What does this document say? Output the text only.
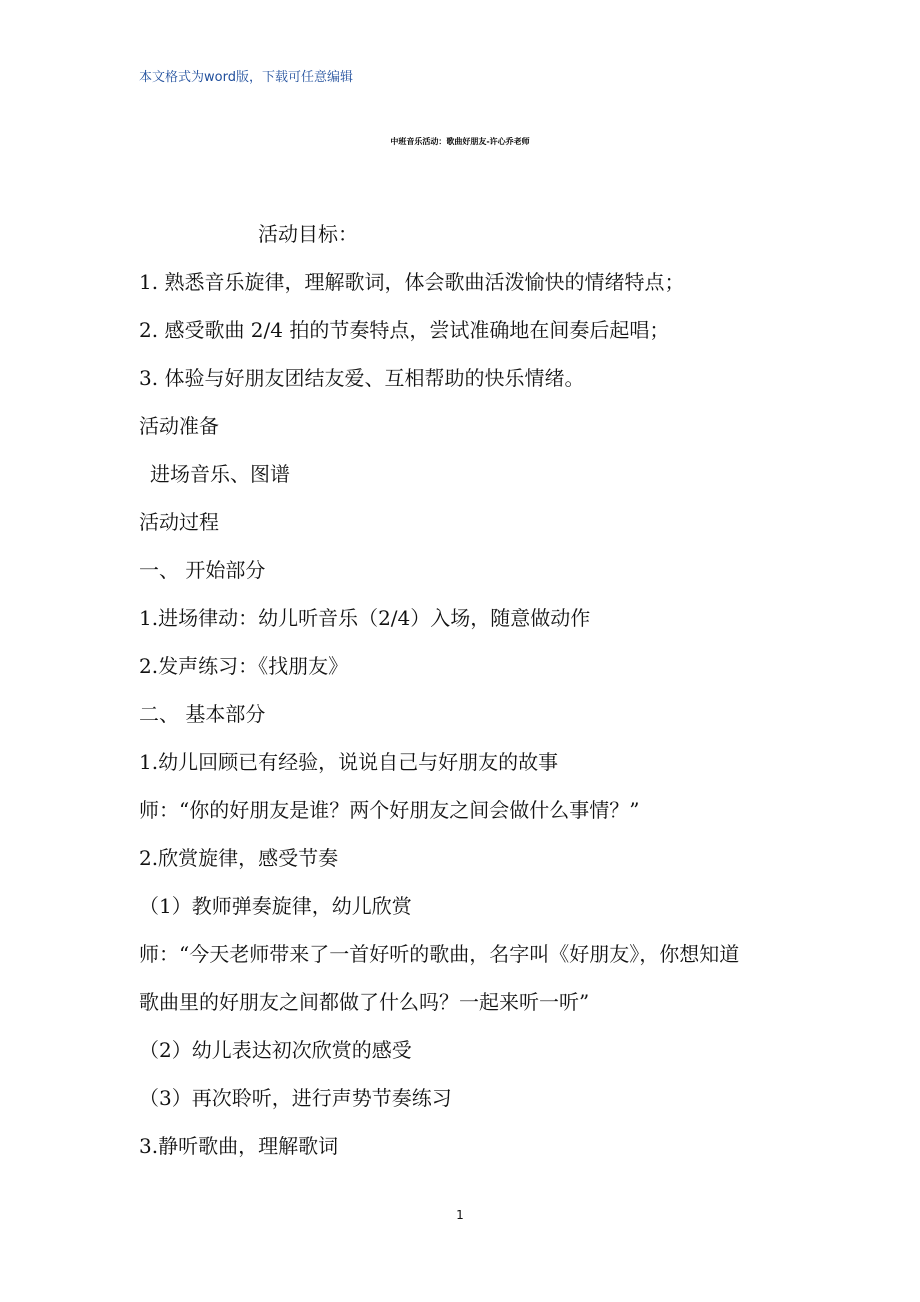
本文格式为word版，下载可任意编辑
中班音乐活动：歌曲好朋友-许心乔老师
活动目标：
1. 熟悉音乐旋律，理解歌词，体会歌曲活泼愉快的情绪特点；
2. 感受歌曲 2/4 拍的节奏特点，尝试准确地在间奏后起唱；
3. 体验与好朋友团结友爱、互相帮助的快乐情绪。
活动准备
进场音乐、图谱
活动过程
一、 开始部分
1.进场律动：幼儿听音乐（2/4）入场，随意做动作
2.发声练习：《找朋友》
二、 基本部分
1.幼儿回顾已有经验，说说自己与好朋友的故事
师：“你的好朋友是谁？两个好朋友之间会做什么事情？”
2.欣赏旋律，感受节奏
（1）教师弹奏旋律，幼儿欣赏
师：“今天老师带来了一首好听的歌曲，名字叫《好朋友》，你想知道
歌曲里的好朋友之间都做了什么吗？一起来听一听”
（2）幼儿表达初次欣赏的感受
（3）再次聆听，进行声势节奏练习
3.静听歌曲，理解歌词
1
